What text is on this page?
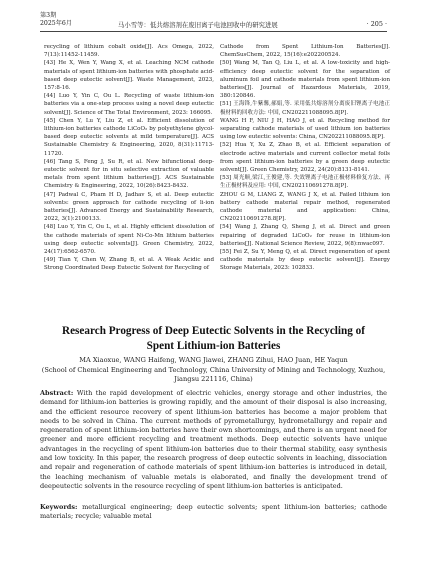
第3期
2025年6月	马小雪等：低共熔溶剂在废旧离子电池回收中的研究进展	· 205 ·
recycling of lithium cobalt oxide[J]. Acs Omega, 2022, 7(13):11452-11459.
[43] He X, Wen Y, Wang X, et al. Leaching NCM cathode materials of spent lithium-ion batteries with phosphate acid-based deep eutectic solvent[J]. Waste Management, 2023, 157:8-16.
[44] Luo Y, Yin C, Ou L. Recycling of waste lithium-ion batteries via a one-step process using a novel deep eutectic solvent[J]. Science of The Total Environment, 2023: 166095.
[45] Chen Y, Lu Y, Liu Z, et al. Efficient dissolution of lithium-ion batteries cathode LiCoO₂ by polyethylene glycol-based deep eutectic solvents at mild temperature[J]. ACS Sustainable Chemistry & Engineering, 2020, 8(31):11713-11720.
[46] Tang S, Feng J, Su R, et al. New bifunctional deep-eutectic solvent for in situ selective extraction of valuable metals from spent lithium batteries[J]. ACS Sustainable Chemistry & Engineering, 2022, 10(26):8423-8432.
[47] Padwal C, Pham H D, Jadhav S, et al. Deep eutectic solvents: green approach for cathode recycling of li-ion batteries[J]. Advanced Energy and Sustainability Research, 2022, 3(1):2100133.
[48] Luo Y, Yin C, Ou L, et al. Highly efficient dissolution of the cathode materials of spent Ni-Co-Mn lithium batteries using deep eutectic solvents[J]. Green Chemistry, 2022, 24(17):6562-6570.
[49] Tian Y, Chen W, Zhang B, et al. A Weak Acidic and Strong Coordinated Deep Eutectic Solvent for Recycling of
Cathode from Spent Lithium-Ion Batteries[J]. ChemSusChem, 2022, 15(16):e202200524.
[50] Wang M, Tan Q, Liu L, et al. A low-toxicity and high-efficiency deep eutectic solvent for the separation of aluminum foil and cathode materials from spent lithium-ion batteries[J]. Journal of Hazardous Materials, 2019, 380:120846.
[51] 王海锋,牛紫馨,郝娟,等. 采用低共熔溶剂分离废旧锂离子电池正极材料的回收方法: 中国, CN202211088095.8[P].
WANG H F, NIU J H, HAO J, et al. Recycling method for separating cathode materials of used lithium ion batteries using low eutectic solvents: China, CN202211088095.8[P].
[52] Hua Y, Xu Z, Zhao B, et al. Efficient separation of electrode active materials and current collector metal foils from spent lithium-ion batteries by a green deep eutectic solvent[J]. Green Chemistry, 2022, 24(20):8131-8141.
[53] 周光顺,梁江,王俊建,等. 失效锂离子电池正极材料修复方法、再生正极材料及应用: 中国, CN202110691278.8[P].
ZHOU G M, LIANG Z, WANG J X, et al. Failed lithium ion battery cathode material repair method, regenerated cathode material and application: China, CN202110691278.8[P].
[54] Wang J, Zhang Q, Sheng J, et al. Direct and green repairing of degraded LiCoO₂ for reuse in lithium-ion batteries[J]. National Science Review, 2022, 9(8):nwac097.
[55] Fei Z, Su Y, Meng Q, et al. Direct regeneration of spent cathode materials by deep eutectic solvent[J]. Energy Storage Materials, 2023: 102833.
Research Progress of Deep Eutectic Solvents in the Recycling of Spent Lithium-ion Batteries
MA Xiaoxue, WANG Haifeng, WANG Jiawei, ZHANG Zihui, HAO Juan, HE Yaqun
(School of Chemical Engineering and Technology, China University of Mining and Technology, Xuzhou, Jiangsu 221116, China)
Abstract: With the rapid development of electric vehicles, energy storage and other industries, the demand for lithium-ion batteries is growing rapidly, and the amount of their disposal is also increasing, and the efficient resource recovery of spent lithium-ion batteries has become a major problem that needs to be solved in China. The current methods of pyrometallurgy, hydrometallurgy and repair and regeneration of spent lithium-ion batteries have their own shortcomings, and there is an urgent need for greener and more efficient recycling and treatment methods. Deep eutectic solvents have unique advantages in the recycling of spent lithium-ion batteries due to their thermal stability, easy synthesis and low toxicity. In this paper, the research progress of deep eutectic solvents in leaching, dissociation and repair and regeneration of cathode materials of spent lithium-ion batteries is introduced in detail, the leaching mechanism of valuable metals is elaborated, and finally the development trend of deepeutectic solvents in the resource recycling of spent lithium-ion batteries is anticipated.
Keywords: metallurgical engineering; deep eutectic solvents; spent lithium-ion batteries; cathode materials; recycle; valuable metal
